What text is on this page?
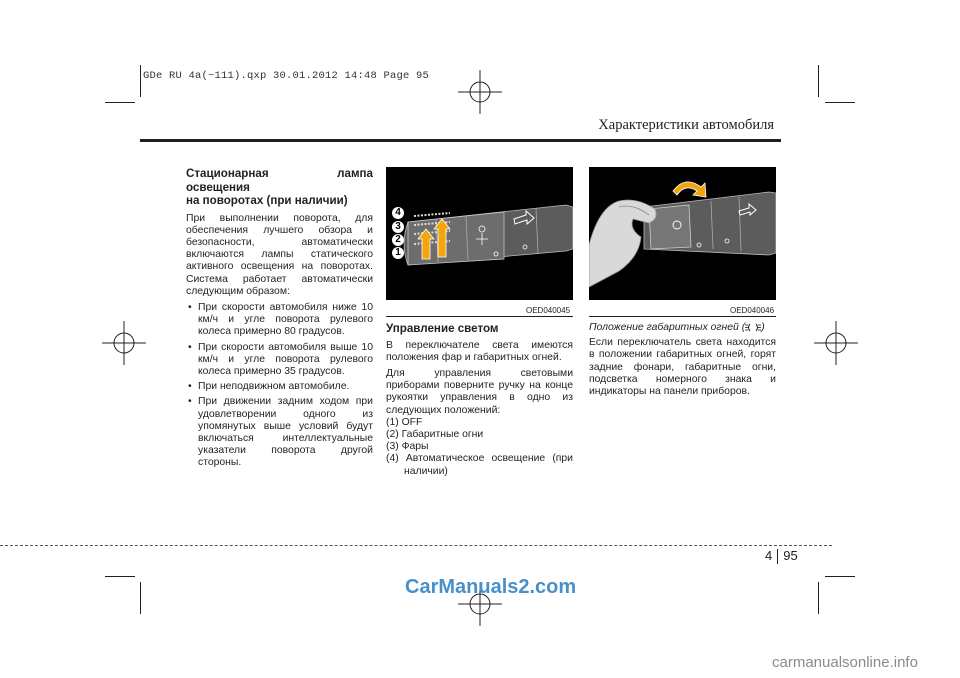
GDe RU 4a(~111).qxp 30.01.2012 14:48 Page 95
Характеристики автомобиля
Стационарная лампа освещения
на поворотах (при наличии)

При выполнении поворота, для обеспечения лучшего обзора и безопасности, автоматически включаются лампы статического активного освещения на поворотах. Система работает автоматически следующим образом:

• При скорости автомобиля ниже 10 км/ч и угле поворота рулевого колеса примерно 80 градусов.
• При скорости автомобиля выше 10 км/ч и угле поворота рулевого колеса примерно 35 градусов.
• При неподвижном автомобиле.
• При движении задним ходом при удовлетворении одного из упомянутых выше условий будут включаться интеллектуальные указатели поворота другой стороны.
4
3
2
1
OED040045
Управление светом

В переключателе света имеются положения фар и габаритных огней.

Для управления световыми приборами поверните ручку на конце рукоятки управления в одно из следующих положений:

(1) OFF
(2) Габаритные огни
(3) Фары
(4) Автоматическое освещение (при наличии)
OED040046
Положение габаритных огней ( )

Если переключатель света находится в положении габаритных огней, горят задние фонари, габаритные огни, подсветка номерного знака и индикаторы на панели приборов.

4 95
CarManuals2.com
carmanualsonline.info
